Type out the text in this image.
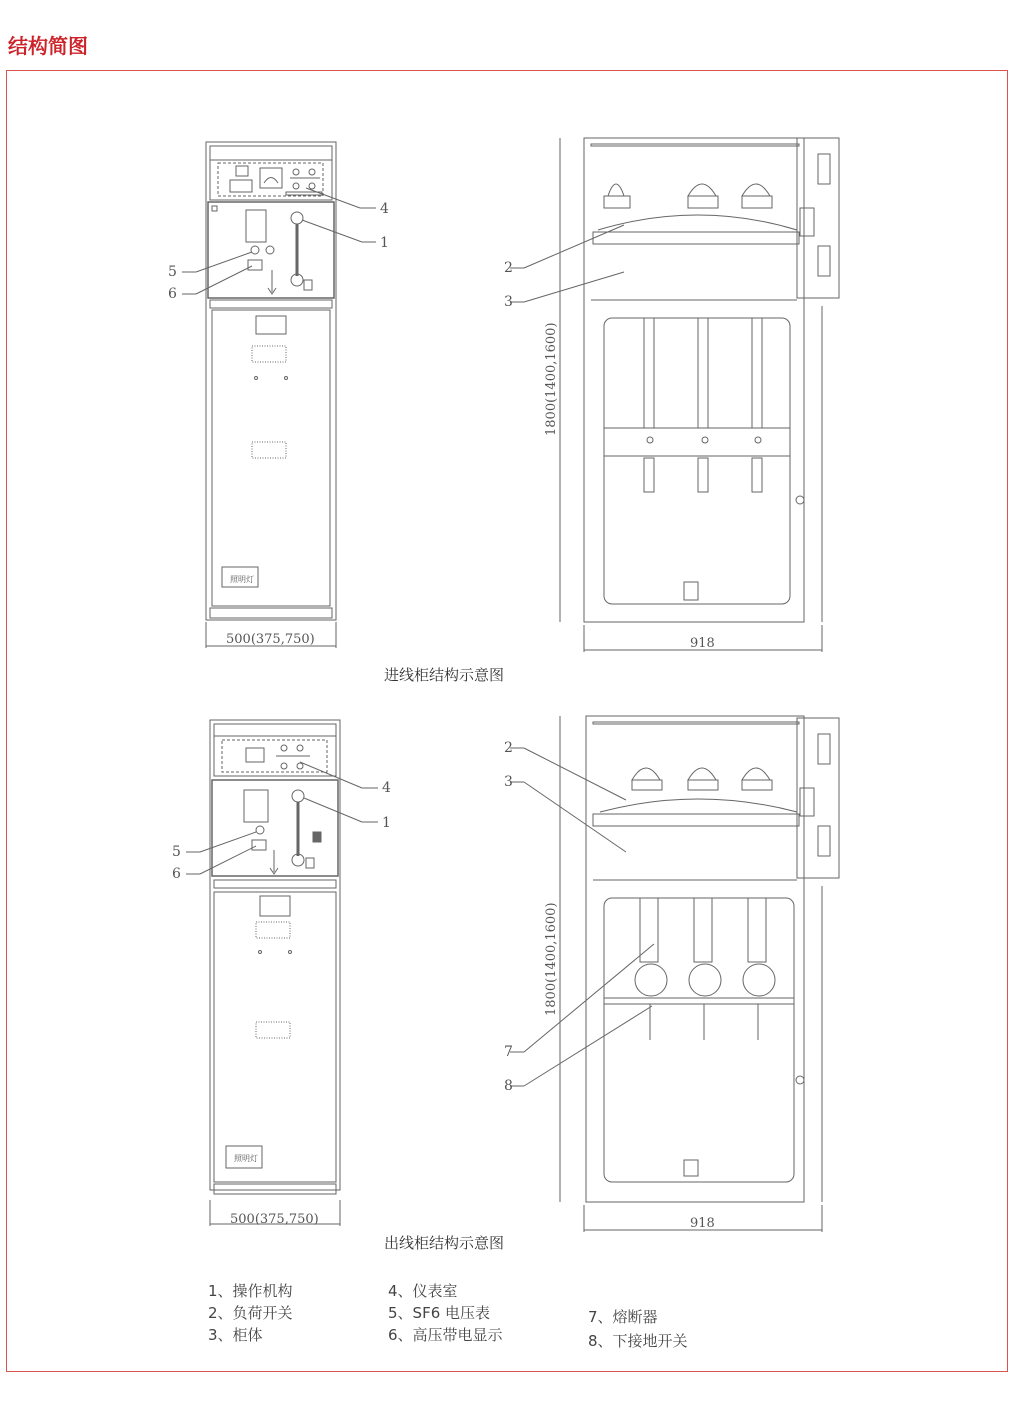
结构简图
4
1
5
6
2
3
4
1
5
6
2
3
7
8
500(375,750)	918
1800(1400,1600)
500(375,750)	918
1800(1400,1600)
照明灯
照明灯
进线柜结构示意图
出线柜结构示意图
1、操作机构
2、负荷开关
3、柜体
4、仪表室
5、SF6 电压表
6、高压带电显示
7、熔断器
8、下接地开关
